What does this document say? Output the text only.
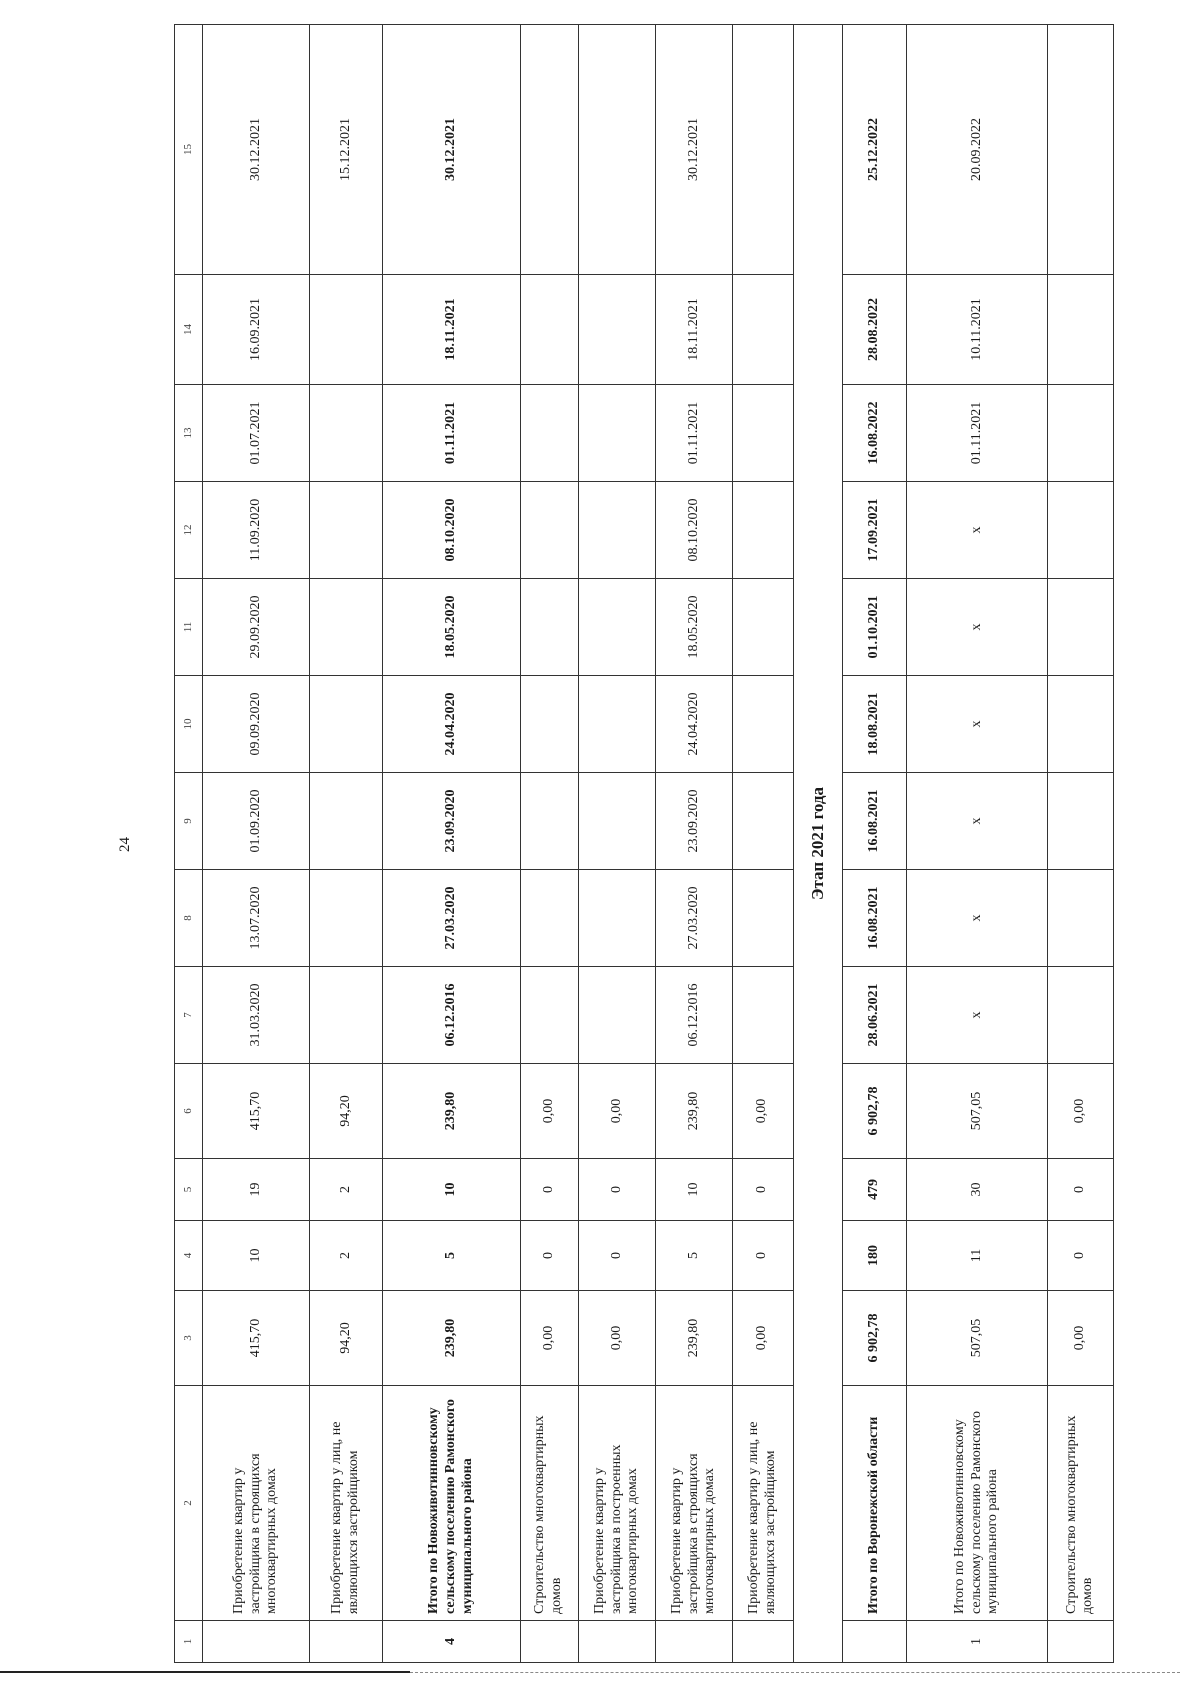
24
1	2	3	4	5	6	7	8	9	10	11	12	13	14	15
	Приобретение квартир у застройщика в строящихся многоквартирных домах	415,70	10	19	415,70	31.03.2020	13.07.2020	01.09.2020	09.09.2020	29.09.2020	11.09.2020	01.07.2021	16.09.2021	30.12.2021
	Приобретение квартир у лиц, не являющихся застройщиком	94,20	2	2	94,20									15.12.2021
4	Итого по Новоживотинновскому сельскому поселению Рамонского муниципального района	239,80	5	10	239,80	06.12.2016	27.03.2020	23.09.2020	24.04.2020	18.05.2020	08.10.2020	01.11.2021	18.11.2021	30.12.2021
	Строительство многоквартирных домов	0,00	0	0	0,00									
	Приобретение квартир у застройщика в построенных многоквартирных домах	0,00	0	0	0,00									
	Приобретение квартир у застройщика в строящихся многоквартирных домах	239,80	5	10	239,80	06.12.2016	27.03.2020	23.09.2020	24.04.2020	18.05.2020	08.10.2020	01.11.2021	18.11.2021	30.12.2021
	Приобретение квартир у лиц, не являющихся застройщиком	0,00	0	0	0,00									
Этап 2021 года														
	Итого по Воронежской области	6 902,78	180	479	6 902,78	28.06.2021	16.08.2021	16.08.2021	18.08.2021	01.10.2021	17.09.2021	16.08.2022	28.08.2022	25.12.2022
1	Итого по Новоживотинновскому сельскому поселению Рамонского муниципального района	507,05	11	30	507,05	x	x	x	x	x	x	01.11.2021	10.11.2021	20.09.2022
	Строительство многоквартирных домов	0,00	0	0	0,00									
